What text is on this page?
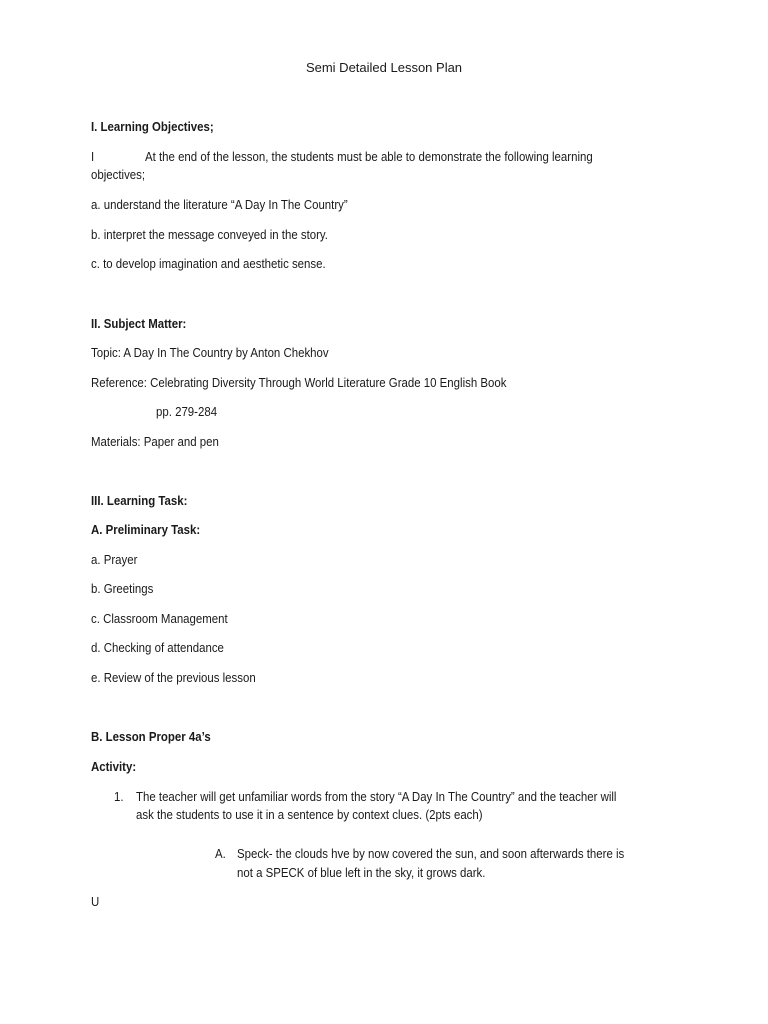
Semi Detailed Lesson Plan
I. Learning Objectives;
I	At the end of the lesson, the students must be able to demonstrate the following learning
objectives;
a. understand the literature “A Day In The Country”
b. interpret the message conveyed in the story.
c. to develop imagination and aesthetic sense.
II. Subject Matter:
Topic: A Day In The Country by Anton Chekhov
Reference: Celebrating Diversity Through World Literature Grade 10 English Book
pp. 279-284
Materials: Paper and pen
III. Learning Task:
A. Preliminary Task:
a. Prayer
b. Greetings
c. Classroom Management
d. Checking of attendance
e. Review of the previous lesson
B. Lesson Proper 4a’s
Activity:
1. The teacher will get unfamiliar words from the story “A Day In The Country” and the teacher will
ask the students to use it in a sentence by context clues. (2pts each)
A. Speck- the clouds hve by now covered the sun, and soon afterwards there is
not a SPECK of blue left in the sky, it grows dark.
U
